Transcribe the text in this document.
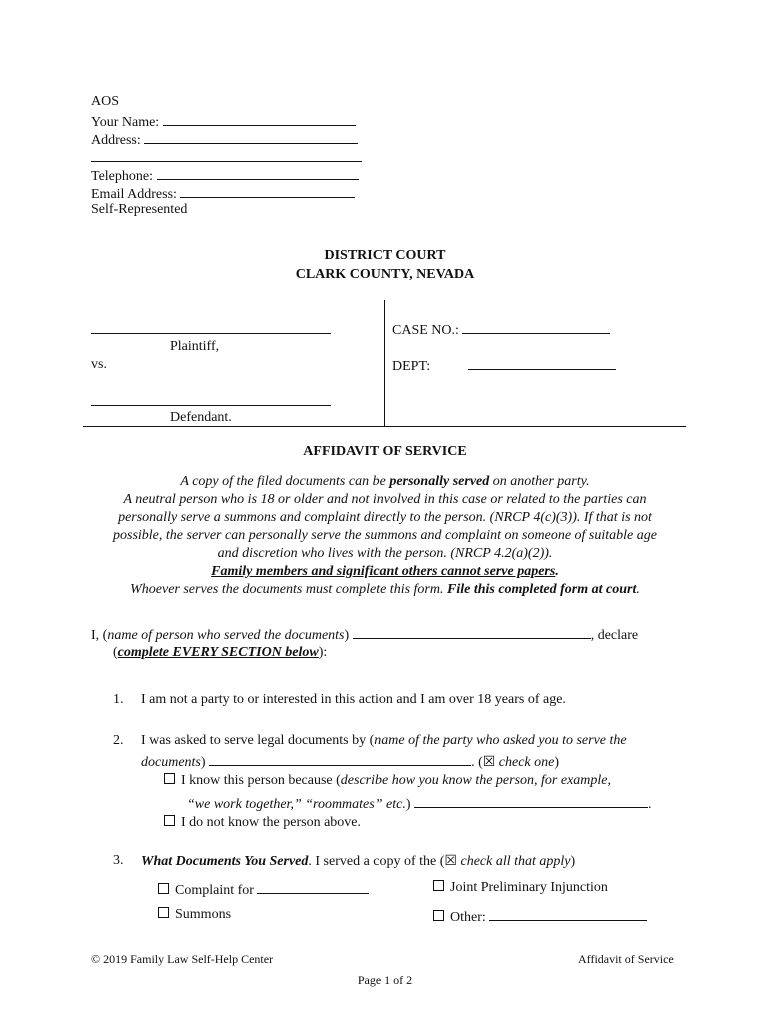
AOS
Your Name:
Address:
Telephone:
Email Address:
Self-Represented
DISTRICT COURT
CLARK COUNTY, NEVADA
Plaintiff,
vs.
Defendant.
CASE NO.:
DEPT:
AFFIDAVIT OF SERVICE
A copy of the filed documents can be personally served on another party.
A neutral person who is 18 or older and not involved in this case or related to the parties can
personally serve a summons and complaint directly to the person. (NRCP 4(c)(3)). If that is not
possible, the server can personally serve the summons and complaint on someone of suitable age
and discretion who lives with the person. (NRCP 4.2(a)(2)).
Family members and significant others cannot serve papers.
Whoever serves the documents must complete this form. File this completed form at court.
I, (name of person who served the documents)	, declare
(complete EVERY SECTION below):
1. I am not a party to or interested in this action and I am over 18 years of age.
2. I was asked to serve legal documents by (name of the party who asked you to serve the
documents)	. (☒ check one)
I know this person because (describe how you know the person, for example,
“we work together,” “roommates” etc.)	.
I do not know the person above.
3. What Documents You Served. I served a copy of the (☒ check all that apply)
Complaint for	Joint Preliminary Injunction
Summons	Other:
© 2019 Family Law Self-Help Center	Affidavit of Service
Page 1 of 2
